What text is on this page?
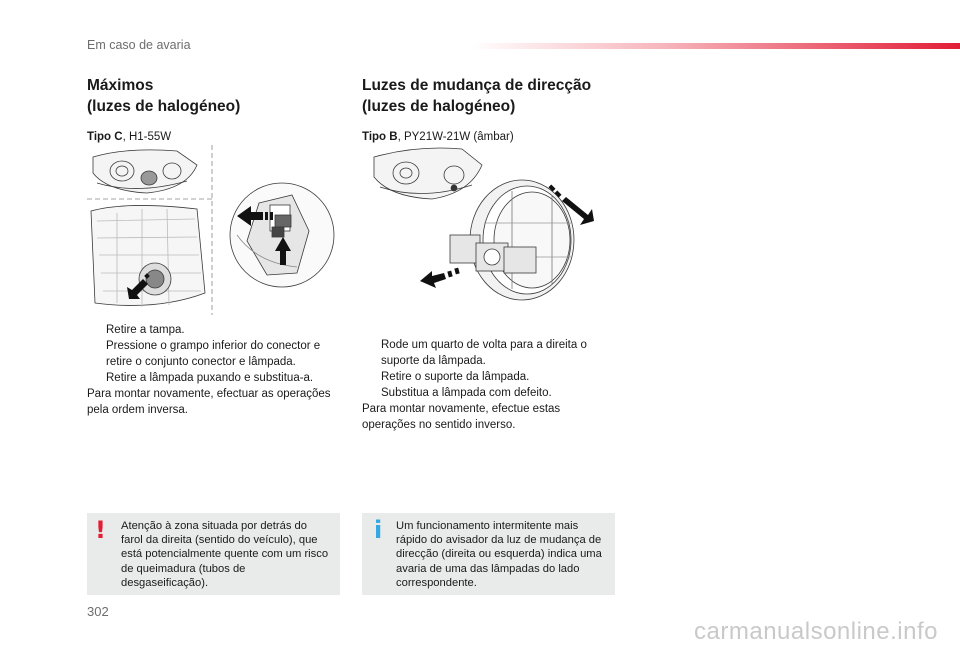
Em caso de avaria
Máximos
(luzes de halogéneo)
Tipo C, H1-55W
Retire a tampa.
Pressione o grampo inferior do conector e retire o conjunto conector e lâmpada.
Retire a lâmpada puxando e substitua-a.
Para montar novamente, efectuar as operações pela ordem inversa.
! Atenção à zona situada por detrás do farol da direita (sentido do veículo), que está potencialmente quente com um risco de queimadura (tubos de desgaseificação).
Luzes de mudança de direcção
(luzes de halogéneo)
Tipo B, PY21W-21W (âmbar)
Rode um quarto de volta para a direita o suporte da lâmpada.
Retire o suporte da lâmpada.
Substitua a lâmpada com defeito.
Para montar novamente, efectue estas operações no sentido inverso.
i Um funcionamento intermitente mais rápido do avisador da luz de mudança de direcção (direita ou esquerda) indica uma avaria de uma das lâmpadas do lado correspondente.
302
carmanualsonline.info
